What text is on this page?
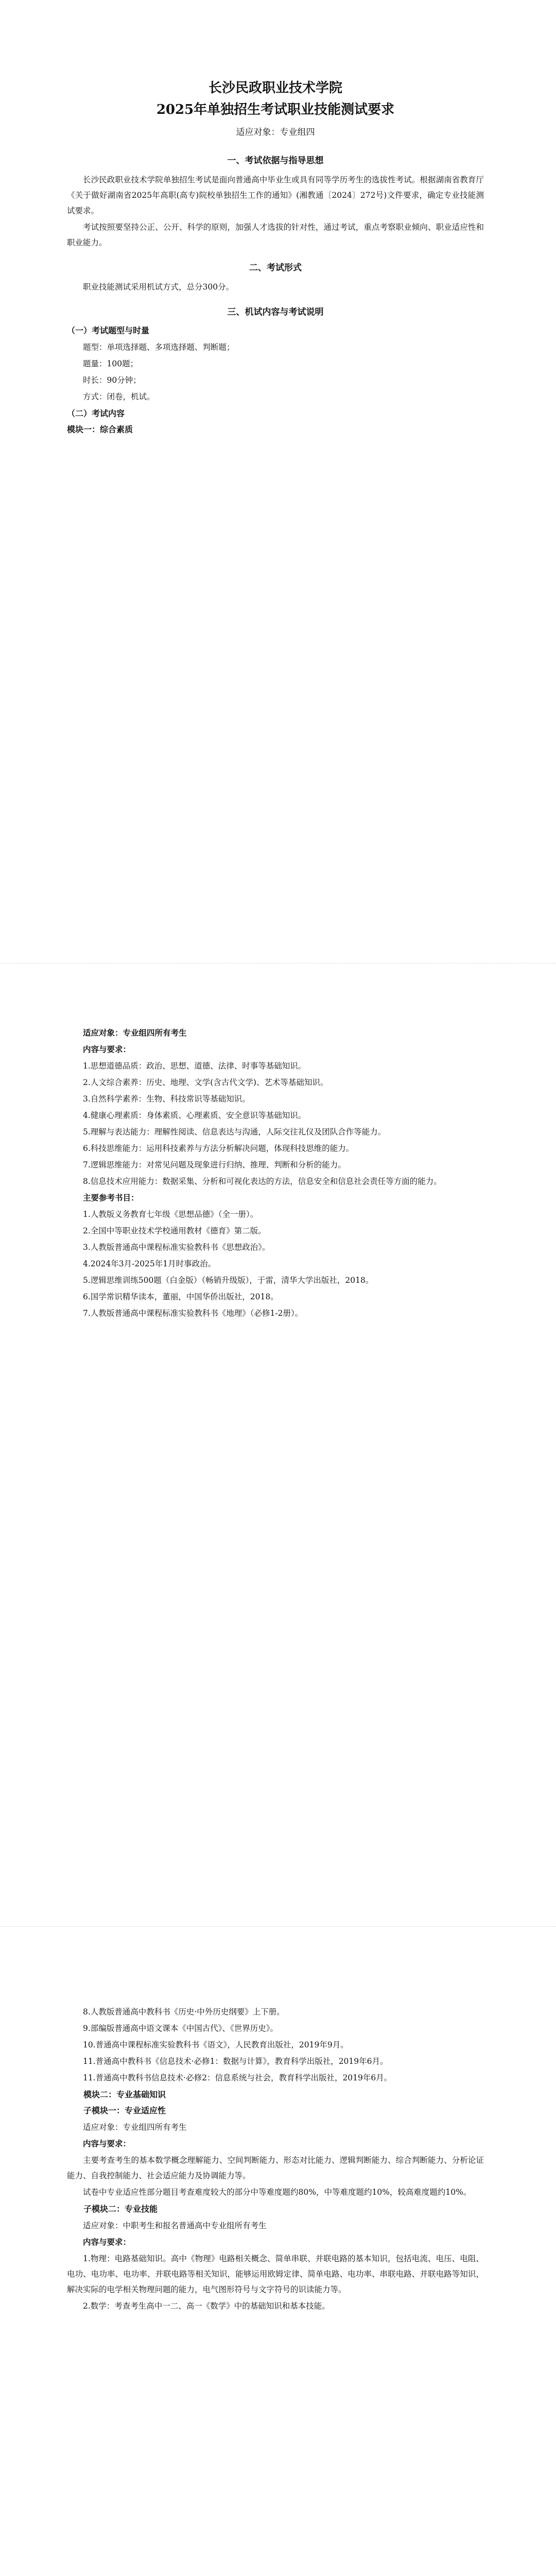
长沙民政职业技术学院

2025年单独招生考试职业技能测试要求

适应对象：专业组四

一、考试依据与指导思想

长沙民政职业技术学院单独招生考试是面向普通高中毕业生或具有同等学历考生的选拔性考试。根据湖南省教育厅《关于做好湖南省2025年高职(高专)院校单独招生工作的通知》(湘教通〔2024〕272号)文件要求，确定专业技能测试要求。

考试按照要坚持公正、公开、科学的原则，加强人才选拔的针对性，通过考试，重点考察职业倾向、职业适应性和职业能力。

二、考试形式

职业技能测试采用机试方式，总分300分。

三、机试内容与考试说明

（一）考试题型与时量

题型：单项选择题、多项选择题、判断题；

题量：100题；

时长：90分钟；

方式：闭卷，机试。

（二）考试内容

模块一：综合素质

适应对象：专业组四所有考生

内容与要求：

1.思想道德品质：政治、思想、道德、法律、时事等基础知识。

2.人文综合素养：历史、地理、文学(含古代文学)、艺术等基础知识。

3.自然科学素养：生物、科技常识等基础知识。

4.健康心理素质：身体素质、心理素质、安全意识等基础知识。

5.理解与表达能力：理解性阅读、信息表达与沟通，人际交往礼仪及团队合作等能力。

6.科技思维能力：运用科技素养与方法分析解决问题，体现科技思维的能力。

7.逻辑思维能力：对常见问题及现象进行归纳、推理、判断和分析的能力。

8.信息技术应用能力：数据采集、分析和可视化表达的方法，信息安全和信息社会责任等方面的能力。

主要参考书目：

1.人教版义务教育七年级《思想品德》（全一册）。

2.全国中等职业技术学校通用教材《德育》第二版。

3.人教版普通高中课程标准实验教科书《思想政治》。

4.2024年3月-2025年1月时事政治。

5.逻辑思维训练500题（白金版）（畅销升级版），于雷，清华大学出版社，2018。

6.国学常识精华读本，董丽，中国华侨出版社，2018。

7.人教版普通高中课程标准实验教科书《地理》（必修1-2册）。

8.人教版普通高中教科书《历史·中外历史纲要》上下册。

9.部编版普通高中语文课本《中国古代》、《世界历史》。

10.普通高中课程标准实验教科书《语文》，人民教育出版社，2019年9月。

11.普通高中教科书《信息技术·必修1：数据与计算》，教育科学出版社，2019年6月。

11.普通高中教科书信息技术·必修2：信息系统与社会，教育科学出版社，2019年6月。

模块二：专业基础知识

子模块一：专业适应性

适应对象：专业组四所有考生

内容与要求：

主要考查考生的基本数学概念理解能力、空间判断能力、形态对比能力、逻辑判断能力、综合判断能力、分析论证能力、自我控制能力、社会适应能力及协调能力等。

试卷中专业适应性部分题目考查难度较大的部分中等难度题约80%，中等难度题约10%，较高难度题约10%。

子模块二：专业技能

适应对象：中职考生和报名普通高中专业组所有考生

内容与要求：

1.物理：电路基础知识。高中《物理》电路相关概念、简单串联、并联电路的基本知识，包括电流、电压、电阻、电功、电功率、电功率、并联电路等相关知识，能够运用欧姆定律、简单电路、电功率、串联电路、并联电路等知识，解决实际的电学相关物理问题的能力，电气图形符号与文字符号的识读能力等。

2.数学：考查考生高中一二、高一《数学》中的基础知识和基本技能。
